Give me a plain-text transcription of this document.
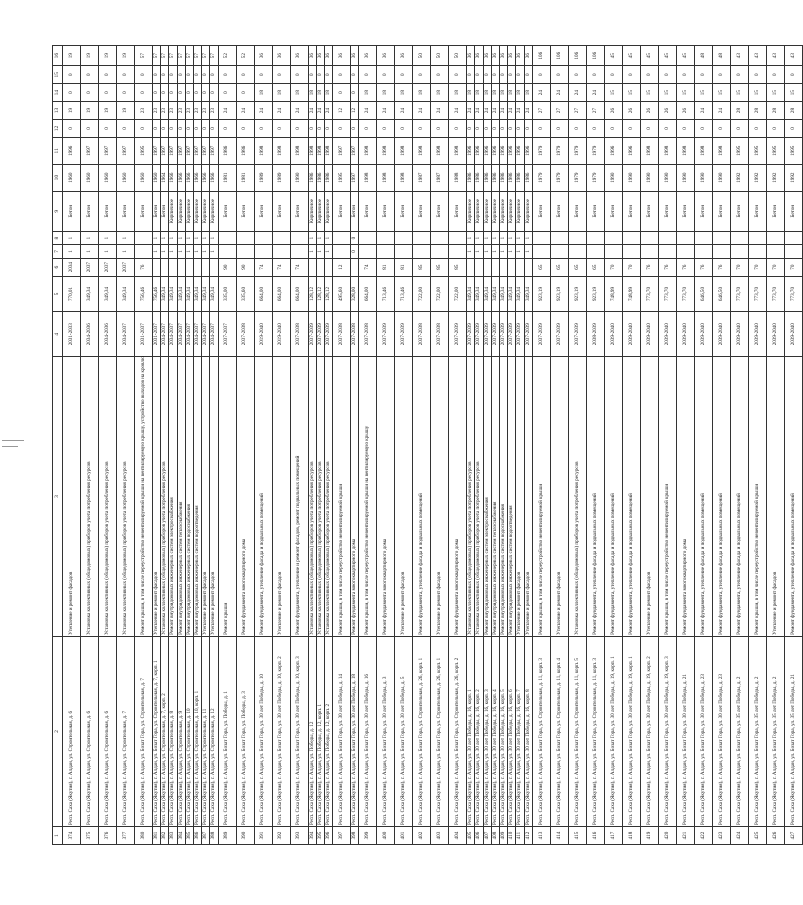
1	2	3	4	5	6	7	8	9	10	11	12	13	14	15	16
374	Респ. Саха (Якутия), г. Алдан, ул. Строительная, д. 6	Утепление и ремонт фасадов	2031-2033	770,01	2034	1	1	Бетон	1960	1996	0	19	0	0	19
375	Респ. Саха (Якутия), г. Алдан, ул. Строительная, д. 6	Установка коллективных (общедомовых) приборов учета потребления ресурсов	2034-2036	349,34	2037	1	1	Бетон	1960	1997	0	19	0	0	19
376	Респ. Саха (Якутия), г. Алдан, ул. Строительная, д. 6	Установка коллективных (общедомовых) приборов учета потребления ресурсов	2034-2036	349,34	2037	1	1	Бетон	1960	1997	0	19	0	0	19
377	Респ. Саха (Якутия), г. Алдан, ул. Строительная, д. 7	Установка коллективных (общедомовых) приборов учета потребления ресурсов	2034-2037	349,34	2037	1	1	Бетон	1960	1997	0	19	0	0	19
380	Респ. Саха (Якутия), г. Алдан, ул. Бозат Гора, ул. Строительная, д. 7	Ремонт крыши, в том числе переустройство невентилируемой крыши на вентилируемую крышу, устройство выходов на кровлю	2031-2037	756,46	76			Бетон	1960	1995	0	23	0	0	57
381	Респ. Саха (Якутия), г. Алдан, ул. Бозат Гора, ул. Строительная, д. 7, корп. 1	Утепление и ремонт фасадов	2031-2037	756,46		1	1	Бетон	1960	1997	0	23	0	0	57
382	Респ. Саха (Якутия), г. Алдан, ул. Строительная, д. 7, корп. 2	Установка коллективных (общедомовых) приборов учета потребления ресурсов	2034-2037	349,34		1	1	Бетон	1964	1997	0	23	0	0	57
383	Респ. Саха (Якутия), г. Алдан, ул. Строительная, д. 8	Ремонт внутридомовых инженерных систем электроснабжения	2034-2037	349,34		1	1	Кирпичное	1966	1997	0	23	0	0	57
384	Респ. Саха (Якутия), г. Алдан, ул. Строительная, д. 9	Ремонт внутридомовых инженерных систем теплоснабжения	2034-2037	349,34		1	1	Кирпичное	1966	1997	0	23	0	0	57
385	Респ. Саха (Якутия), г. Алдан, ул. Строительная, д. 10	Ремонт внутридомовых инженерных систем водоснабжения	2034-2037	349,34		1	1	Кирпичное	1966	1997	0	23	0	0	57
386	Респ. Саха (Якутия), г. Алдан, ул. Строительная, д. 10, корп. 1	Ремонт внутридомовых инженерных систем водоотведения	2034-2037	349,34		1	1	Кирпичное	1966	1997	0	23	0	0	57
387	Респ. Саха (Якутия), г. Алдан, ул. Строительная, д. 11	Утепление и ремонт фасадов	2034-2037	349,34		1	1	Кирпичное	1966	1997	0	23	0	0	57
388	Респ. Саха (Якутия), г. Алдан, ул. Строительная, д. 12	Утепление и ремонт фасадов	2034-2037	349,34		1	1	Кирпичное	1966	1997	0	23	0	0	57
389	Респ. Саха (Якутия), г. Алдан, ул. Бозат Гора, ул. Победы, д. 1	Ремонт крыши	2037-2037	335,00	90			Бетон	1981	1986	0	24	0	0	52
390	Респ. Саха (Якутия), г. Алдан, ул. Бозат Гора, ул. Победы, д. 3	Ремонт фундамента многоквартирного дома	2037-2038	335,60	90			Бетон	1981	1986	0	24	0	0	52
391	Респ. Саха (Якутия), г. Алдан, ул. Бозат Гора, ул. 30 лет Победы, д. 10	Ремонт фундамента, утепление фасада и подвальных помещений	2019-2040	664,00	74			Бетон	1989	1998	0	24	18	0	36
392	Респ. Саха (Якутия), г. Алдан, ул. Бозат Гора, ул. 30 лет Победы, д. 10, корп. 2	Утепление и ремонт фасадов	2019-2040	664,00	74			Бетон	1989	1998	0	24	18	0	36
393	Респ. Саха (Якутия), г. Алдан, ул. Бозат Гора, ул. 30 лет Победы, д. 10, корп. 3	Ремонт фундамента, утепление и ремонт фасадов, ремонт подвальных помещений	2037-2038	664,00	74			Бетон	1990	1998	0	24	18	0	36
394	Респ. Саха (Якутия), г. Алдан, ул. Победы, д. 12	Установка коллективных (общедомовых) приборов учета потребления ресурсов	2037-2039	128,12		1	1	Кирпичное	1986	1998	0	24	18	0	36
395	Респ. Саха (Якутия), г. Алдан, ул. Победы, д. 12, корп. 1	Установка коллективных (общедомовых) приборов учета потребления ресурсов	2037-2039	128,12		1	1	Кирпичное	1986	1998	0	24	18	0	36
396	Респ. Саха (Якутия), г. Алдан, ул. Победы, д. 12, корп. 2	Установка коллективных (общедомовых) приборов учета потребления ресурсов	2037-2039	128,12		1	1	Кирпичное	1986	1998	0	24	18	0	36
397	Респ. Саха (Якутия), г. Алдан, ул. Бозат Гора, ул. 30 лет Победы, д. 14	Ремонт крыши, в том числе переустройство невентилируемой крыши	2037-2038	495,60	12			Бетон	1995	1997	0	12	0	0	36
398	Респ. Саха (Якутия), г. Алдан, ул. Бозат Гора, ул. 30 лет Победы, д. 18	Ремонт фундамента многоквартирного дома	2037-2038	328,00		0	0	Бетон	1997	1997	0	12	0	0	36
399	Респ. Саха (Якутия), г. Алдан, ул. Бозат Гора, ул. 30 лет Победы, д. 16	Ремонт крыши, в том числе переустройство невентилируемой крыши на вентилируемую крышу	2037-2038	664,00	74			Бетон	1998	1998	0	24	18	0	36
400	Респ. Саха (Якутия), г. Алдан, ул. Бозат Гора, ул. 30 лет Победы, д. 3	Ремонт фундамента многоквартирного дома	2037-2039	713,46	81			Бетон	1998	1998	0	24	18	0	36
401	Респ. Саха (Якутия), г. Алдан, ул. Бозат Гора, ул. 30 лет Победы, д. 5	Утепление и ремонт фасадов	2037-2039	713,46	81			Бетон	1998	1998	0	24	18	0	36
402	Респ. Саха (Якутия), г. Алдан, ул. Бозат Гора, ул. Строительная, д. 26, корп. 1	Ремонт фундамента, утепление фасада и подвальных помещений	2037-2038	722,00	85			Бетон	1987	1998	0	24	18	0	50
403	Респ. Саха (Якутия), г. Алдан, ул. Бозат Гора, ул. Строительная, д. 26, корп. 1	Утепление и ремонт фасадов	2037-2038	722,00	85			Бетон	1987	1998	0	24	18	0	50
404	Респ. Саха (Якутия), г. Алдан, ул. Бозат Гора, ул. Строительная, д. 26, корп. 2	Ремонт фундамента многоквартирного дома	2037-2039	722,00	85			Бетон	1988	1998	0	24	18	0	50
405	Респ. Саха (Якутия), г. Алдан, ул. 30 лет Победы, д. 16, корп. 1	Установка коллективных (общедомовых) приборов учета потребления ресурсов	2037-2039	349,34		1	1	Кирпичное	1986	1996	0	24	18	0	36
406	Респ. Саха (Якутия), г. Алдан, ул. 30 лет Победы, д. 16, корп. 2	Установка коллективных (общедомовых) приборов учета потребления ресурсов	2037-2039	349,34		1	1	Кирпичное	1986	1996	0	24	18	0	36
407	Респ. Саха (Якутия), г. Алдан, ул. 30 лет Победы, д. 16, корп. 3	Ремонт внутридомовых инженерных систем электроснабжения	2037-2039	349,34		1	1	Кирпичное	1986	1996	0	24	18	0	36
408	Респ. Саха (Якутия), г. Алдан, ул. 30 лет Победы, д. 16, корп. 4	Ремонт внутридомовых инженерных систем теплоснабжения	2037-2039	349,34		1	1	Кирпичное	1986	1996	0	24	18	0	36
409	Респ. Саха (Якутия), г. Алдан, ул. 30 лет Победы, д. 16, корп. 5	Ремонт внутридомовых инженерных систем водоснабжения	2037-2039	349,34		1	1	Кирпичное	1986	1996	0	24	18	0	36
410	Респ. Саха (Якутия), г. Алдан, ул. 30 лет Победы, д. 16, корп. 6	Ремонт внутридомовых инженерных систем водоотведения	2037-2039	349,34		1	1	Кирпичное	1986	1996	0	24	18	0	36
411	Респ. Саха (Якутия), г. Алдан, ул. 30 лет Победы, д. 16, корп. 7	Утепление и ремонт фасадов	2037-2039	349,34		1	1	Кирпичное	1986	1996	0	24	18	0	36
412	Респ. Саха (Якутия), г. Алдан, ул. 30 лет Победы, д. 16, корп. 8	Утепление и ремонт фасадов	2037-2039	349,34		1	1	Кирпичное	1986	1996	0	24	18	0	36
413	Респ. Саха (Якутия), г. Алдан, ул. Бозат Гора, ул. Строительная, д. 11, корп. 3	Ремонт крыши, в том числе переустройство невентилируемой крыши	2037-2039	923,19	65			Бетон	1979	1979	0	27	24	0	106
414	Респ. Саха (Якутия), г. Алдан, ул. Бозат Гора, ул. Строительная, д. 11, корп. 4	Утепление и ремонт фасадов	2037-2039	923,19	65			Бетон	1979	1979	0	27	24	0	106
415	Респ. Саха (Якутия), г. Алдан, ул. Бозат Гора, ул. Строительная, д. 11, корп. 5	Установка коллективных (общедомовых) приборов учета потребления ресурсов	2037-2039	923,19	65			Бетон	1979	1979	0	27	24	0	106
416	Респ. Саха (Якутия), г. Алдан, ул. Бозат Гора, ул. Строительная, д. 11, корп. 3	Ремонт фундамента, утепление фасада и подвальных помещений	2038-2039	923,19	65			Бетон	1979	1979	0	27	24	0	106
417	Респ. Саха (Якутия), г. Алдан, ул. Бозат Гора, ул. 30 лет Победы, д. 19, корп. 1	Ремонт фундамента, утепление фасада и подвальных помещений	2039-2040	748,99	70			Бетон	1990	1996	0	26	15	0	45
418	Респ. Саха (Якутия), г. Алдан, ул. Бозат Гора, ул. 30 лет Победы, д. 19, корп. 1	Ремонт фундамента, утепление фасада и подвальных помещений	2039-2040	748,99	70			Бетон	1990	1996	0	26	15	0	45
419	Респ. Саха (Якутия), г. Алдан, ул. Бозат Гора, ул. 30 лет Победы, д. 19, корп. 2	Утепление и ремонт фасадов	2039-2040	773,70	76			Бетон	1990	1998	0	26	15	0	45
420	Респ. Саха (Якутия), г. Алдан, ул. Бозат Гора, ул. 30 лет Победы, д. 19, корп. 3	Ремонт крыши, в том числе переустройство невентилируемой крыши	2039-2040	773,70	76			Бетон	1990	1998	0	26	15	0	45
421	Респ. Саха (Якутия), г. Алдан, ул. Бозат Гора, ул. 30 лет Победы, д. 21	Ремонт фундамента многоквартирного дома	2039-2040	773,70	76			Бетон	1990	1998	0	26	15	0	45
422	Респ. Саха (Якутия), г. Алдан, ул. Бозат Гора, ул. 30 лет Победы, д. 23	Ремонт фундамента, утепление фасада и подвальных помещений	2039-2040	646,50	76			Бетон	1990	1998	0	24	15	0	48
423	Респ. Саха (Якутия), г. Алдан, ул. Бозат Гора, ул. 30 лет Победы, д. 23	Ремонт фундамента, утепление фасада и подвальных помещений	2039-2040	646,50	76			Бетон	1990	1998	0	24	15	0	48
424	Респ. Саха (Якутия), г. Алдан, ул. Бозат Гора, ул. 35 лет Победы, д. 2	Ремонт фундамента, утепление фасада и подвальных помещений	2039-2040	773,70	70			Бетон	1992	1995	0	28	15	0	43
425	Респ. Саха (Якутия), г. Алдан, ул. Бозат Гора, ул. 35 лет Победы, д. 2	Ремонт крыши, в том числе переустройство невентилируемой крыши	2039-2040	773,70	70			Бетон	1992	1995	0	28	15	0	43
426	Респ. Саха (Якутия), г. Алдан, ул. Бозат Гора, ул. 35 лет Победы, д. 2	Утепление и ремонт фасадов	2039-2040	773,70	70			Бетон	1992	1995	0	28	15	0	43
427	Респ. Саха (Якутия), г. Алдан, ул. Бозат Гора, ул. 35 лет Победы, д. 21	Ремонт фундамента, утепление фасада и подвальных помещений	2039-2040	773,70	70			Бетон	1992	1995	0	28	15	0	43
